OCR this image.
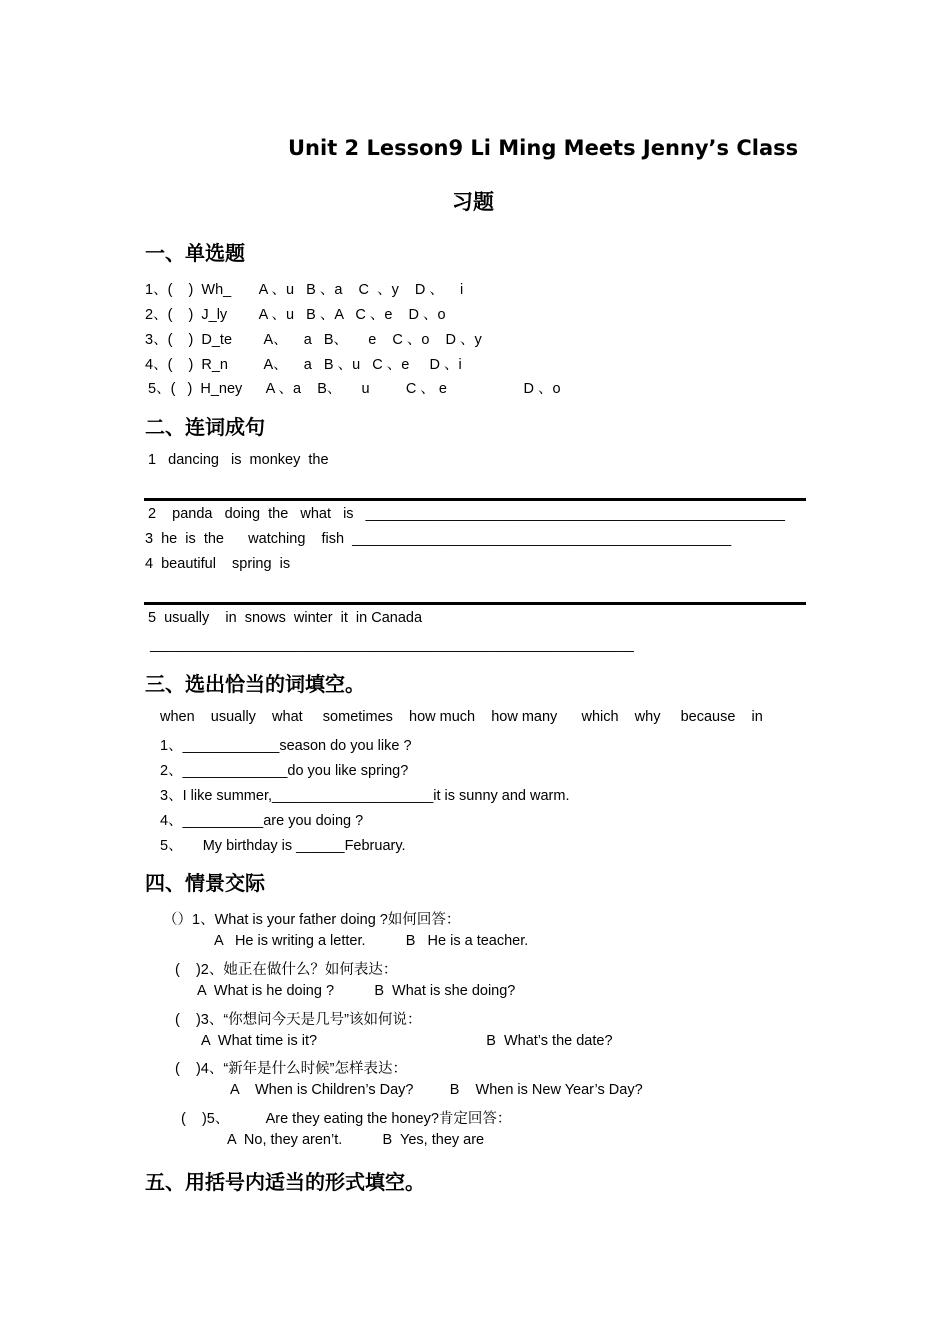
Unit 2 Lesson9 Li Ming Meets Jenny’s Class
习题
一、单选题
1、(    )  Wh_       A 、u   B 、a    C  、y    D 、    i
2、(    )  J_ly        A 、u   B 、A   C 、e    D 、o
3、(    )  D_te        A、    a   B、     e    C 、o    D 、y
4、(    )  R_n         A、    a   B 、u   C 、e     D 、i
5、(   )  H_ney      A 、a    B、     u         C 、 e                   D 、o
二、连词成句
1   dancing   is  monkey  the
2    panda   doing  the   what   is   ____________________________________________________
3  he  is  the      watching    fish  _______________________________________________
4  beautiful    spring  is
5  usually    in  snows  winter  it  in Canada
____________________________________________________________
三、选出恰当的词填空。
when    usually    what     sometimes    how much    how many      which    why     because    in
1、____________season do you like ?
2、_____________do you like spring?
3、I like summer,____________________it is sunny and warm.
4、__________are you doing ?
5、     My birthday is ______February.
四、情景交际
（）1、What is your father doing ?如何回答：
A   He is writing a letter.          B   He is a teacher.
(    )2、她正在做什么？如何表达：
A  What is he doing ?          B  What is she doing?
(    )3、“你想问今天是几号”该如何说：
A  What time is it?                                          B  What’s the date?
(    )4、“新年是什么时候”怎样表达：
A    When is Children’s Day?         B    When is New Year’s Day?
(    )5、         Are they eating the honey?肯定回答：
A  No, they aren’t.          B  Yes, they are
五、用括号内适当的形式填空。
